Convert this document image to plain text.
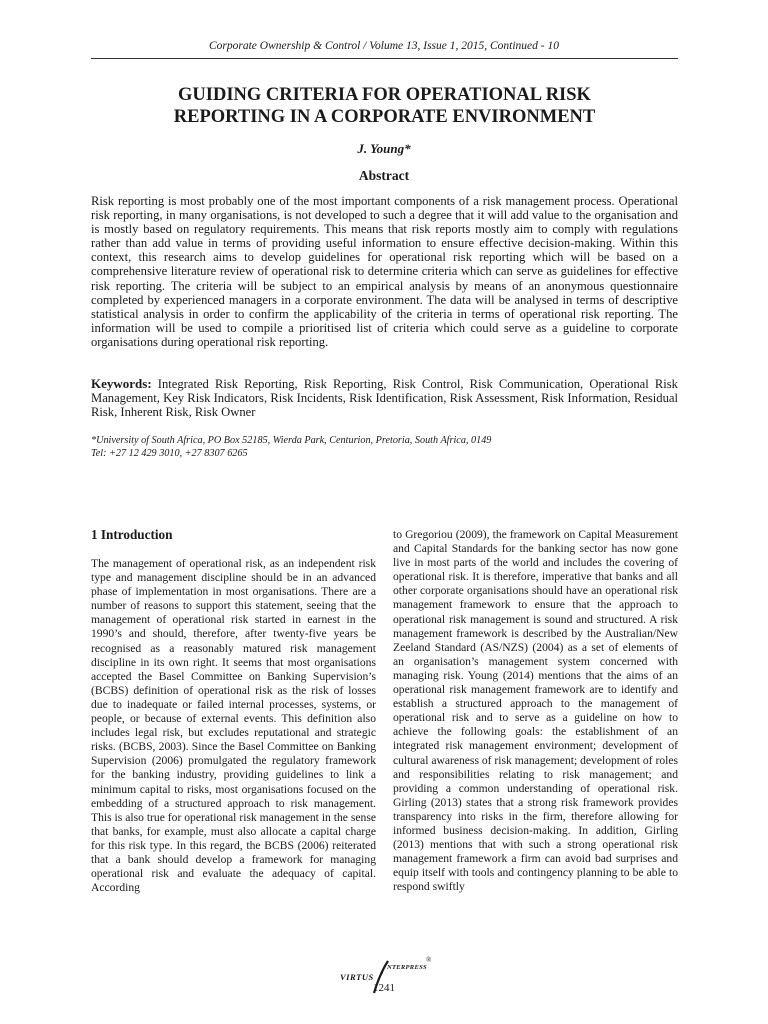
Corporate Ownership & Control / Volume 13, Issue 1, 2015, Continued - 10
GUIDING CRITERIA FOR OPERATIONAL RISK
REPORTING IN A CORPORATE ENVIRONMENT
J. Young*
Abstract

Risk reporting is most probably one of the most important components of a risk management process. Operational risk reporting, in many organisations, is not developed to such a degree that it will add value to the organisation and is mostly based on regulatory requirements. This means that risk reports mostly aim to comply with regulations rather than add value in terms of providing useful information to ensure effective decision-making. Within this context, this research aims to develop guidelines for operational risk reporting which will be based on a comprehensive literature review of operational risk to determine criteria which can serve as guidelines for effective risk reporting. The criteria will be subject to an empirical analysis by means of an anonymous questionnaire completed by experienced managers in a corporate environment. The data will be analysed in terms of descriptive statistical analysis in order to confirm the applicability of the criteria in terms of operational risk reporting. The information will be used to compile a prioritised list of criteria which could serve as a guideline to corporate organisations during operational risk reporting.

Keywords: Integrated Risk Reporting, Risk Reporting, Risk Control, Risk Communication, Operational Risk Management, Key Risk Indicators, Risk Incidents, Risk Identification, Risk Assessment, Risk Information, Residual Risk, Inherent Risk, Risk Owner

*University of South Africa, PO Box 52185, Wierda Park, Centurion, Pretoria, South Africa, 0149
Tel: +27 12 429 3010, +27 8307 6265
1 Introduction

The management of operational risk, as an independent risk type and management discipline should be in an advanced phase of implementation in most organisations. There are a number of reasons to support this statement, seeing that the management of operational risk started in earnest in the 1990’s and should, therefore, after twenty-five years be recognised as a reasonably matured risk management discipline in its own right. It seems that most organisations accepted the Basel Committee on Banking Supervision’s (BCBS) definition of operational risk as the risk of losses due to inadequate or failed internal processes, systems, or people, or because of external events. This definition also includes legal risk, but excludes reputational and strategic risks. (BCBS, 2003). Since the Basel Committee on Banking Supervision (2006) promulgated the regulatory framework for the banking industry, providing guidelines to link a minimum capital to risks, most organisations focused on the embedding of a structured approach to risk management. This is also true for operational risk management in the sense that banks, for example, must also allocate a capital charge for this risk type. In this regard, the BCBS (2006) reiterated that a bank should develop a framework for managing operational risk and evaluate the adequacy of capital. According

to Gregoriou (2009), the framework on Capital Measurement and Capital Standards for the banking sector has now gone live in most parts of the world and includes the covering of operational risk. It is therefore, imperative that banks and all other corporate organisations should have an operational risk management framework to ensure that the approach to operational risk management is sound and structured. A risk management framework is described by the Australian/New Zeeland Standard (AS/NZS) (2004) as a set of elements of an organisation’s management system concerned with managing risk. Young (2014) mentions that the aims of an operational risk management framework are to identify and establish a structured approach to the management of operational risk and to serve as a guideline on how to achieve the following goals: the establishment of an integrated risk management environment; development of cultural awareness of risk management; development of roles and responsibilities relating to risk management; and providing a common understanding of operational risk. Girling (2013) states that a strong risk framework provides transparency into risks in the firm, therefore allowing for informed business decision-making. In addition, Girling (2013) mentions that with such a strong operational risk management framework a firm can avoid bad surprises and equip itself with tools and contingency planning to be able to respond swiftly

VIRTUS
NTERPRESS
®
1241
